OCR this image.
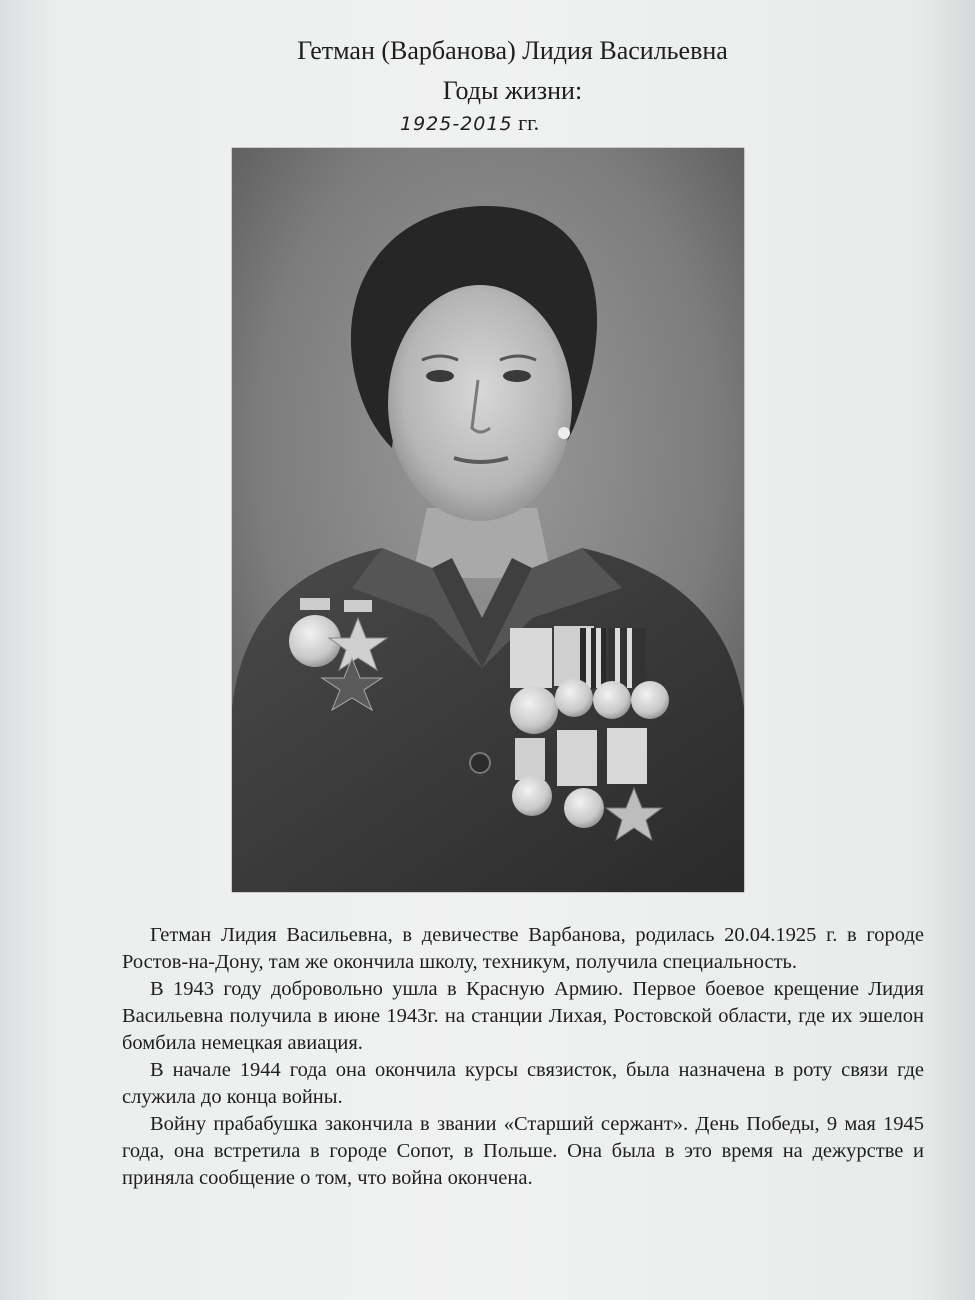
Гетман (Варбанова) Лидия Васильевна
Годы жизни:
1925-2015 гг.

Гетман Лидия Васильевна, в девичестве Варбанова, родилась 20.04.1925 г. в городе Ростов-на-Дону, там же окончила школу, техникум, получила специальность.

В 1943 году добровольно ушла в Красную Армию. Первое боевое крещение Лидия Васильевна получила в июне 1943г. на станции Лихая, Ростовской области, где их эшелон бомбила немецкая авиация.

В начале 1944 года она окончила курсы связисток, была назначена в роту связи где служила до конца войны.

Войну прабабушка закончила в звании «Старший сержант». День Победы, 9 мая 1945 года, она встретила в городе Сопот, в Польше. Она была в это время на дежурстве и приняла сообщение о том, что война окончена.
